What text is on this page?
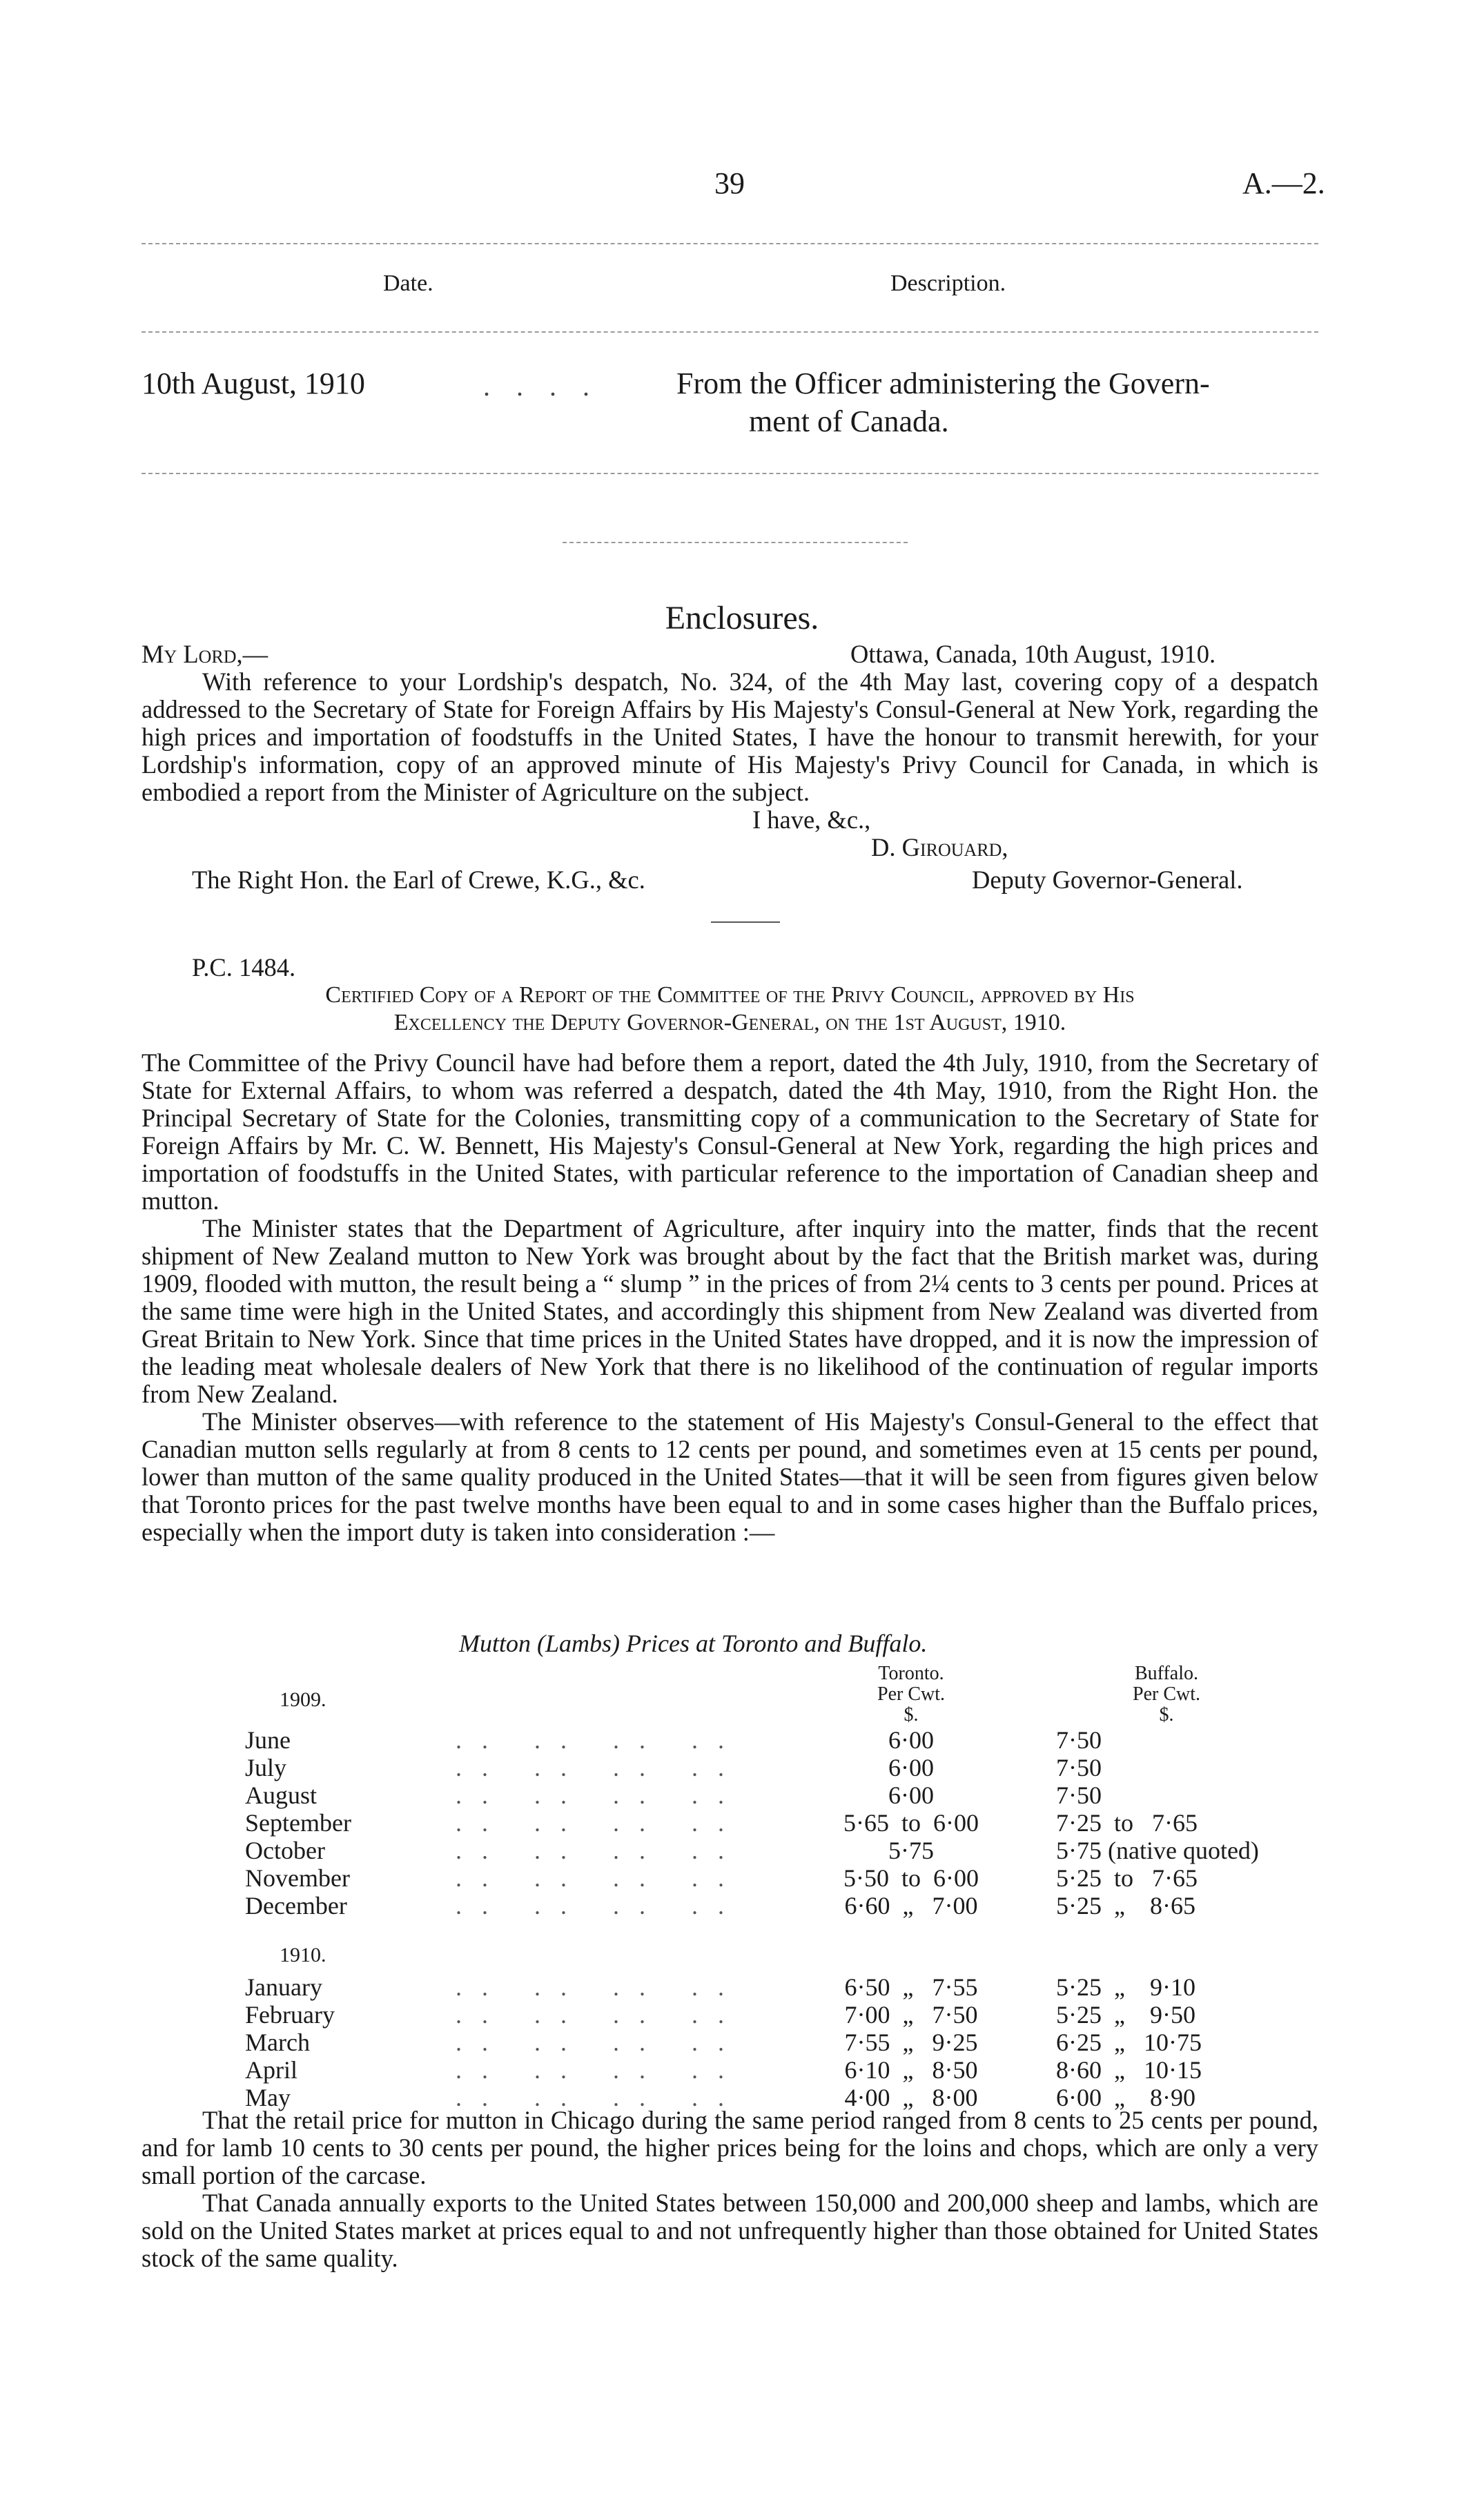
39	A.—2.
Date.	Description.
10th August, 1910	. . . .	From the Officer administering the Govern-
ment of Canada.
Enclosures.
My Lord,—	Ottawa, Canada, 10th August, 1910.

With reference to your Lordship's despatch, No. 324, of the 4th May last, covering copy of a despatch addressed to the Secretary of State for Foreign Affairs by His Majesty's Consul-General at New York, regarding the high prices and importation of foodstuffs in the United States, I have the honour to transmit herewith, for your Lordship's information, copy of an approved minute of His Majesty's Privy Council for Canada, in which is embodied a report from the Minister of Agriculture on the subject.

I have, &c.,
D. Girouard,
The Right Hon. the Earl of Crewe, K.G., &c.	Deputy Governor-General.
P.C. 1484.
Certified Copy of a Report of the Committee of the Privy Council, approved by His
Excellency the Deputy Governor-General, on the 1st August, 1910.

The Committee of the Privy Council have had before them a report, dated the 4th July, 1910, from the Secretary of State for External Affairs, to whom was referred a despatch, dated the 4th May, 1910, from the Right Hon. the Principal Secretary of State for the Colonies, transmitting copy of a communication to the Secretary of State for Foreign Affairs by Mr. C. W. Bennett, His Majesty's Consul-General at New York, regarding the high prices and importation of foodstuffs in the United States, with particular reference to the importation of Canadian sheep and mutton.

The Minister states that the Department of Agriculture, after inquiry into the matter, finds that the recent shipment of New Zealand mutton to New York was brought about by the fact that the British market was, during 1909, flooded with mutton, the result being a “ slump ” in the prices of from 2¼ cents to 3 cents per pound. Prices at the same time were high in the United States, and accordingly this shipment from New Zealand was diverted from Great Britain to New York. Since that time prices in the United States have dropped, and it is now the impression of the leading meat wholesale dealers of New York that there is no likelihood of the continuation of regular imports from New Zealand.

The Minister observes—with reference to the statement of His Majesty's Consul-General to the effect that Canadian mutton sells regularly at from 8 cents to 12 cents per pound, and sometimes even at 15 cents per pound, lower than mutton of the same quality produced in the United States—that it will be seen from figures given below that Toronto prices for the past twelve months have been equal to and in some cases higher than the Buffalo prices, especially when the import duty is taken into consideration :—

Mutton (Lambs) Prices at Toronto and Buffalo.
Toronto.
Per Cwt.
$.
Buffalo.
Per Cwt.
$.
1909.
June	. .   . .   . .   . .	6·00	7·50
July	. .   . .   . .   . .	6·00	7·50
August	. .   . .   . .   . .	6·00	7·50
September	. .   . .   . .   . .	5·65  to  6·00	7·25  to   7·65
October	. .   . .   . .   . .	5·75	5·75 (native quoted)
November	. .   . .   . .   . .	5·50  to  6·00	5·25  to   7·65
December	. .   . .   . .   . .	6·60  „   7·00	5·25  „    8·65
1910.
January	. .   . .   . .   . .	6·50  „   7·55	5·25  „    9·10
February	. .   . .   . .   . .	7·00  „   7·50	5·25  „    9·50
March	. .   . .   . .   . .	7·55  „   9·25	6·25  „   10·75
April	. .   . .   . .   . .	6·10  „   8·50	8·60  „   10·15
May	. .   . .   . .   . .	4·00  „   8·00	6·00  „    8·90

That the retail price for mutton in Chicago during the same period ranged from 8 cents to 25 cents per pound, and for lamb 10 cents to 30 cents per pound, the higher prices being for the loins and chops, which are only a very small portion of the carcase.

That Canada annually exports to the United States between 150,000 and 200,000 sheep and lambs, which are sold on the United States market at prices equal to and not unfrequently higher than those obtained for United States stock of the same quality.
